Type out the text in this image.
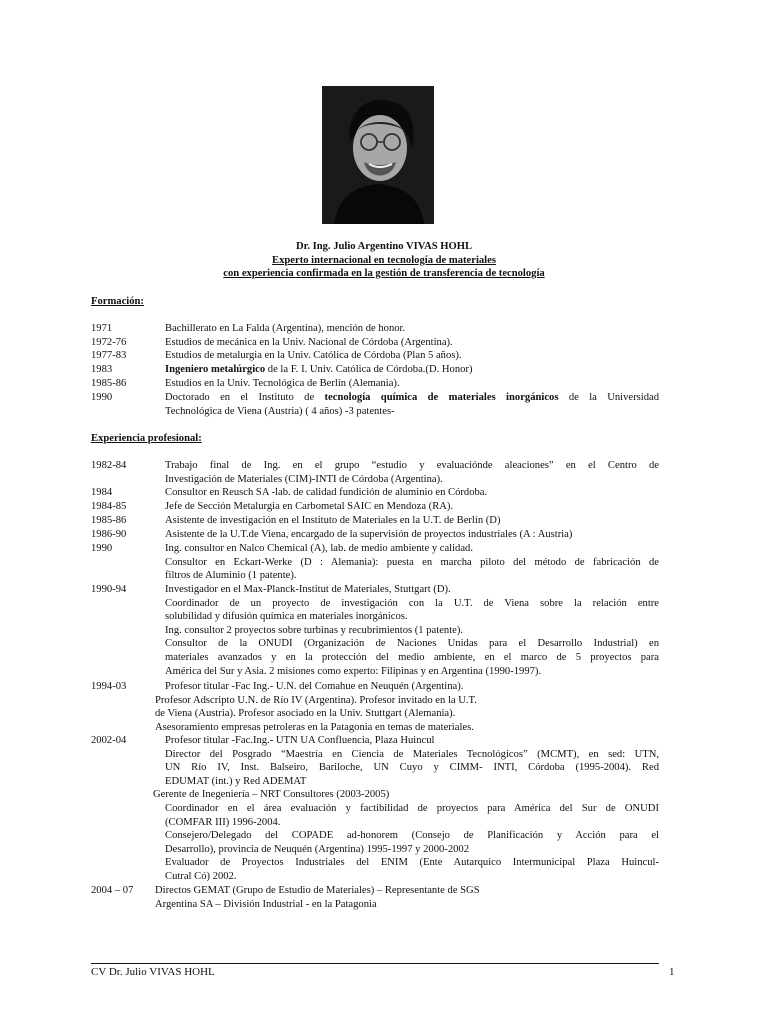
Dr. Ing. Julio Argentino VIVAS HOHL
Experto internacional en tecnología de materiales
con experiencia confirmada en la gestión de transferencia de tecnología
Formación:
1971	Bachillerato en La Falda (Argentina), mención de honor.
1972-76	Estudios de mecánica en la Univ. Nacional de Córdoba (Argentina).
1977-83	Estudios de metalurgia en la Univ. Católica de Córdoba (Plan 5 años).
1983	Ingeniero metalúrgico de la F. I. Univ. Católica de Córdoba.(D. Honor)
1985-86	Estudios en la Univ. Tecnológica de Berlín (Alemania).
1990	Doctorado en el Instituto de tecnología química de materiales inorgánicos de la Universidad
Technológica de Viena (Austria) ( 4 años) -3 patentes-
Experiencia profesional:
1982-84	Trabajo final de Ing. en el grupo “estudio y evaluaciónde aleaciones” en el Centro de
Investigación de Materiales (CIM)-INTI de Córdoba (Argentina).
1984	Consultor en Reusch SA -lab. de calidad fundición de aluminio en Córdoba.
1984-85	Jefe de Sección Metalurgia en Carbometal SAIC en Mendoza (RA).
1985-86	Asistente de investigación en el Instituto de Materiales en la U.T. de Berlín (D)
1986-90	Asistente de la U.T.de Viena, encargado de la supervisión de proyectos industriales (A : Austria)
1990	Ing. consultor en Nalco Chemical (A), lab. de medio ambiente y calidad.
Consultor en Eckart-Werke (D : Alemania): puesta en marcha piloto del método de fabricación de
filtros de Aluminio (1 patente).
1990-94	Investigador en el Max-Planck-Institut de Materiales, Stuttgart (D).
Coordinador de un proyecto de investigación con la U.T. de Viena sobre la relación entre
solubilidad y difusión química en materiales inorgánicos.
Ing. consultor 2 proyectos sobre turbinas y recubrimientos (1 patente).
Consultor de la ONUDI (Organización de Naciones Unidas para el Desarrollo Industrial) en
materiales avanzados y en la protección del medio ambiente, en el marco de 5 proyectos para
América del Sur y Asia. 2 misiones como experto: Filipinas y en Argentina (1990-1997).
1994-03	Profesor titular -Fac Ing.- U.N. del Comahue en Neuquén (Argentina).
Profesor Adscripto U.N. de Río IV (Argentina). Profesor invitado en la U.T.
de Viena (Austria). Profesor asociado en la Univ. Stuttgart (Alemania).
Asesoramiento empresas petroleras en la Patagonia en temas de materiales.
2002-04	Profesor titular -Fac.Ing.- UTN UA Confluencia, Plaza Huincul
Director del Posgrado “Maestría en Ciencia de Materiales Tecnológicos” (MCMT), en sed: UTN,
UN Río IV, Inst. Balseiro, Bariloche, UN Cuyo y CIMM- INTI, Córdoba (1995-2004). Red
EDUMAT (int.) y Red ADEMAT
Gerente de Inegeniería – NRT Consultores (2003-2005)
Coordinador en el área evaluación y factibilidad de proyectos para América del Sur de ONUDI
(COMFAR III) 1996-2004.
Consejero/Delegado del COPADE ad-honorem (Consejo de Planificación y Acción para el
Desarrollo), provincia de Neuquén (Argentina) 1995-1997 y 2000-2002
Evaluador de Proyectos Industriales del ENIM (Ente Autarquico Intermunicipal Plaza Huincul-
Cutral Có) 2002.
2004 – 07 Directos GEMAT (Grupo de Estudio de Materiales) – Representante de SGS
Argentina SA – División Industrial - en la Patagonia
CV Dr. Julio VIVAS HOHL	1
